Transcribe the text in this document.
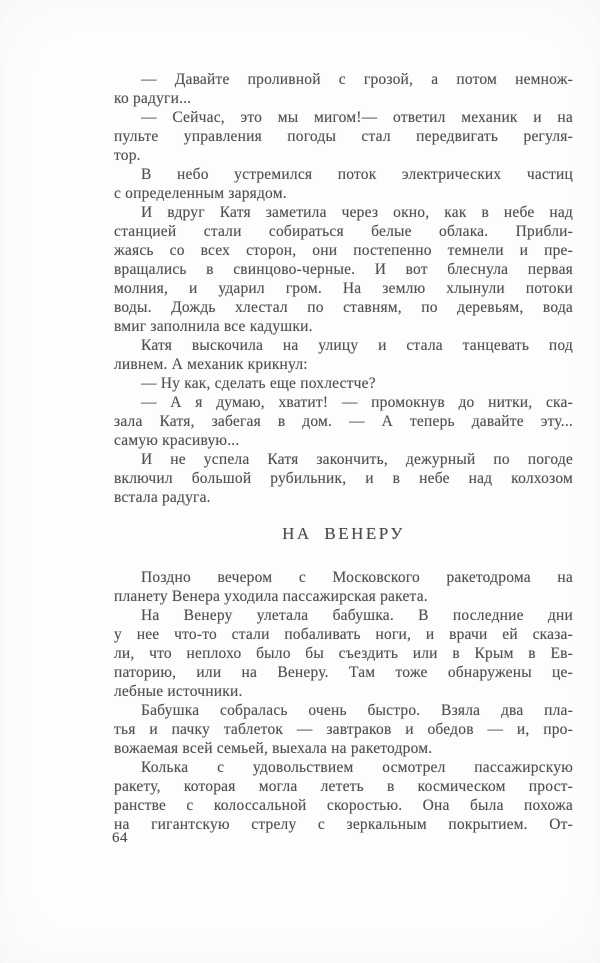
— Давайте проливной с грозой, а потом немнож-
ко радуги...
— Сейчас, это мы мигом!— ответил механик и на
пульте управления погоды стал передвигать регуля-
тор.
В небо устремился поток электрических частиц
с определенным зарядом.
И вдруг Катя заметила через окно, как в небе над
станцией стали собираться белые облака. Прибли-
жаясь со всех сторон, они постепенно темнели и пре-
вращались в свинцово-черные. И вот блеснула первая
молния, и ударил гром. На землю хлынули потоки
воды. Дождь хлестал по ставням, по деревьям, вода
вмиг заполнила все кадушки.
Катя выскочила на улицу и стала танцевать под
ливнем. А механик крикнул:
— Ну как, сделать еще похлестче?
— А я думаю, хватит! — промокнув до нитки, ска-
зала Катя, забегая в дом. — А теперь давайте эту...
самую красивую...
И не успела Катя закончить, дежурный по погоде
включил большой рубильник, и в небе над колхозом
встала радуга.
НА ВЕНЕРУ
Поздно вечером с Московского ракетодрома на
планету Венера уходила пассажирская ракета.
На Венеру улетала бабушка. В последние дни
у нее что-то стали побаливать ноги, и врачи ей сказа-
ли, что неплохо было бы съездить или в Крым в Ев-
паторию, или на Венеру. Там тоже обнаружены це-
лебные источники.
Бабушка собралась очень быстро. Взяла два пла-
тья и пачку таблеток — завтраков и обедов — и, про-
вожаемая всей семьей, выехала на ракетодром.
Колька с удовольствием осмотрел пассажирскую
ракету, которая могла лететь в космическом прост-
ранстве с колоссальной скоростью. Она была похожа
на гигантскую стрелу с зеркальным покрытием. От-
64
